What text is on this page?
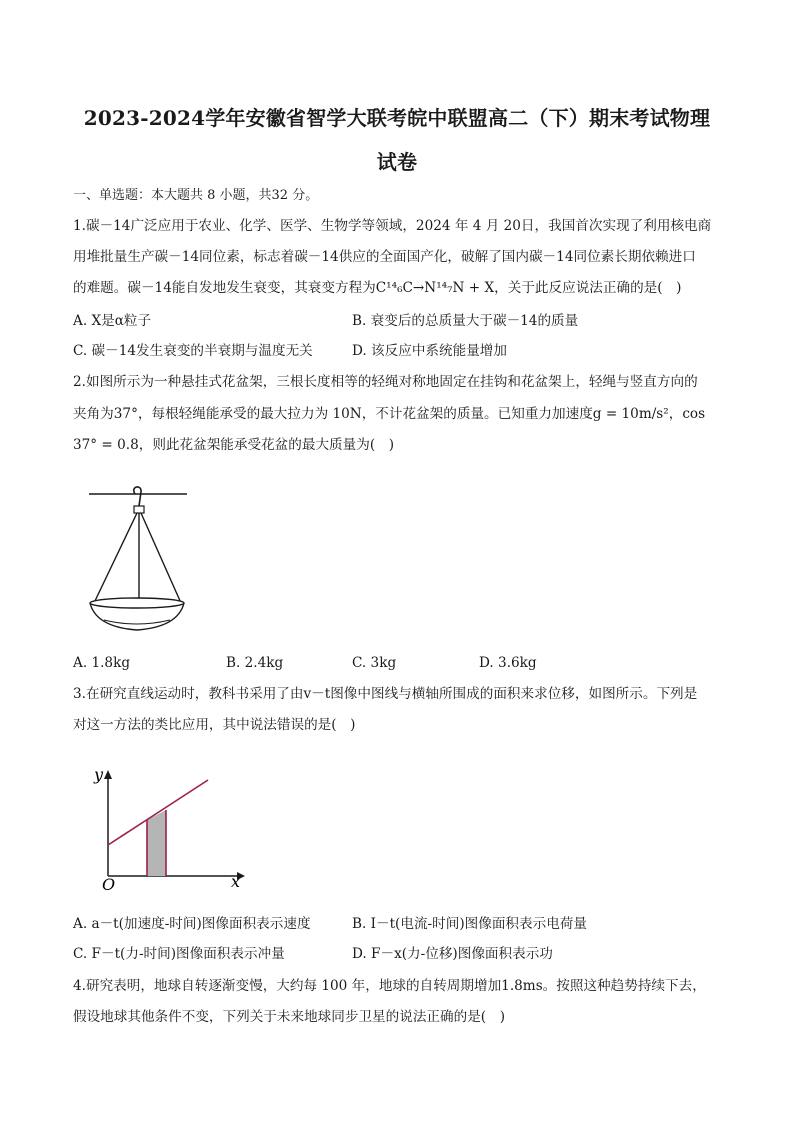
2023-2024学年安徽省智学大联考皖中联盟高二（下）期末考试物理
试卷
一、单选题：本大题共 8 小题，共32 分。
1.碳－14广泛应用于农业、化学、医学、生物学等领域，2024 年 4 月 20日，我国首次实现了利用核电商
用堆批量生产碳－14同位素，标志着碳－14供应的全面国产化，破解了国内碳－14同位素长期依赖进口
的难题。碳－14能自发地发生衰变，其衰变方程为C¹⁴₆C→N¹⁴₇N + X，关于此反应说法正确的是(　)
A. X是α粒子	B. 衰变后的总质量大于碳－14的质量
C. 碳－14发生衰变的半衰期与温度无关	D. 该反应中系统能量增加
2.如图所示为一种悬挂式花盆架，三根长度相等的轻绳对称地固定在挂钩和花盆架上，轻绳与竖直方向的
夹角为37°，每根轻绳能承受的最大拉力为 10N，不计花盆架的质量。已知重力加速度g = 10m/s²，cos
37° = 0.8，则此花盆架能承受花盆的最大质量为(　)
A. 1.8kg	B. 2.4kg	C. 3kg	D. 3.6kg
3.在研究直线运动时，教科书采用了由v－t图像中图线与横轴所围成的面积来求位移，如图所示。下列是
对这一方法的类比应用，其中说法错误的是(　)
y
x
O
A. a－t(加速度-时间)图像面积表示速度	B. I－t(电流-时间)图像面积表示电荷量
C. F－t(力-时间)图像面积表示冲量	D. F－x(力-位移)图像面积表示功
4.研究表明，地球自转逐渐变慢，大约每 100 年，地球的自转周期增加1.8ms。按照这种趋势持续下去，
假设地球其他条件不变，下列关于未来地球同步卫星的说法正确的是(　)
